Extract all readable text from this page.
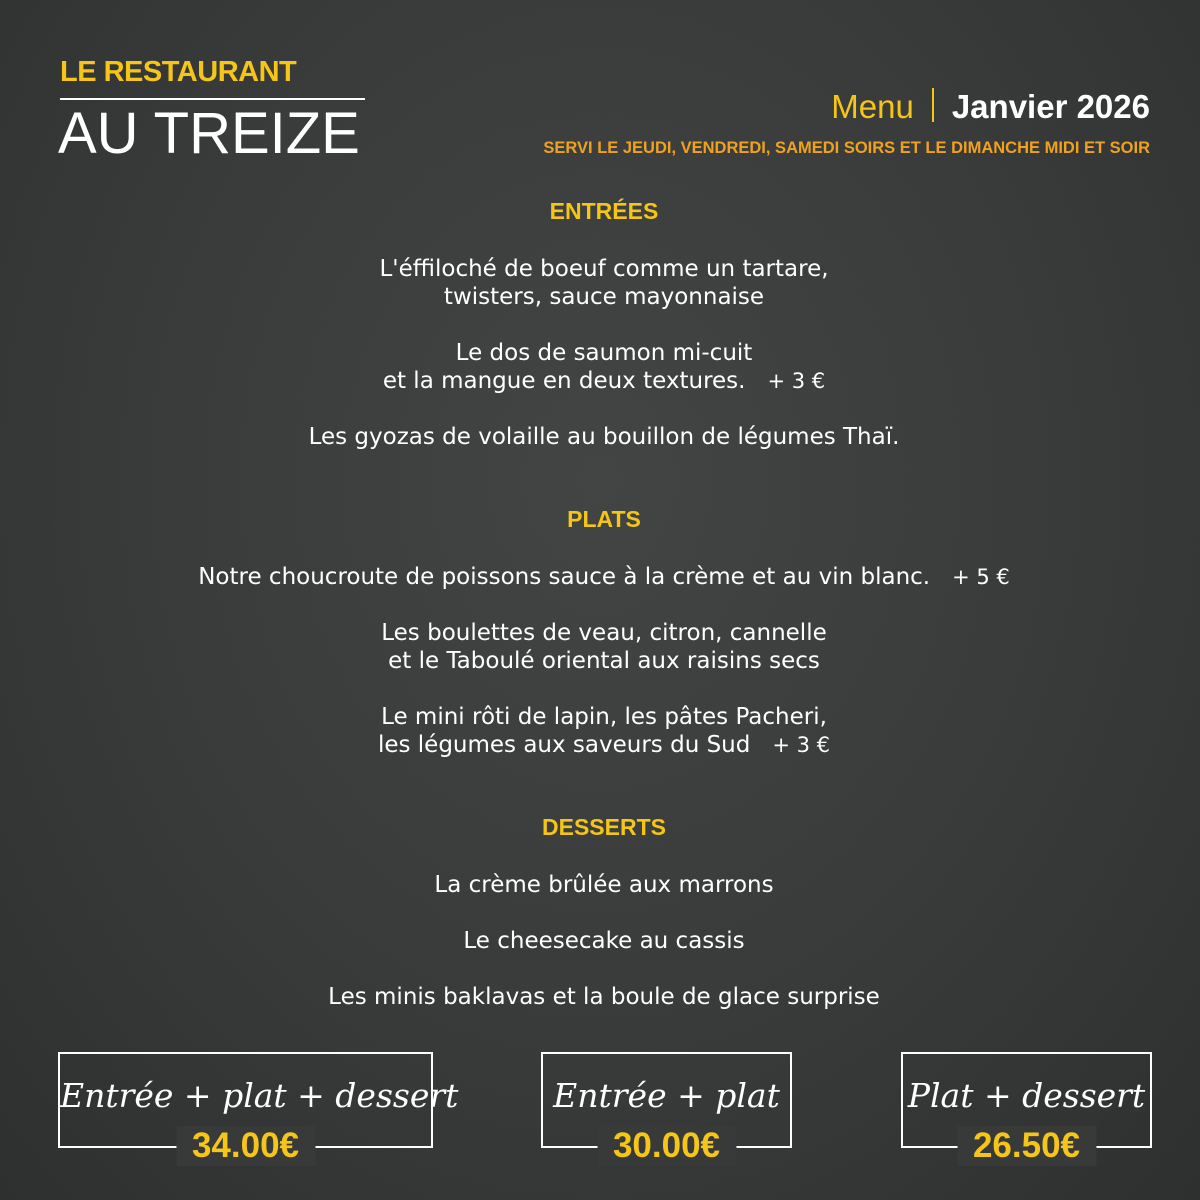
LE RESTAURANT
AU TREIZE	Menu Janvier 2026
SERVI LE JEUDI, VENDREDI, SAMEDI SOIRS ET LE DIMANCHE MIDI ET SOIR
ENTRÉES
L'éffiloché de boeuf comme un tartare,
twisters, sauce mayonnaise
Le dos de saumon mi-cuit
et la mangue en deux textures. + 3 €
Les gyozas de volaille au bouillon de légumes Thaï.
PLATS
Notre choucroute de poissons sauce à la crème et au vin blanc. + 5 €
Les boulettes de veau, citron, cannelle
et le Taboulé oriental aux raisins secs
Le mini rôti de lapin, les pâtes Pacheri,
les légumes aux saveurs du Sud + 3 €
DESSERTS
La crème brûlée aux marrons
Le cheesecake au cassis
Les minis baklavas et la boule de glace surprise
Entrée + plat + dessert
34.00€
Entrée + plat
30.00€
Plat + dessert
26.50€
